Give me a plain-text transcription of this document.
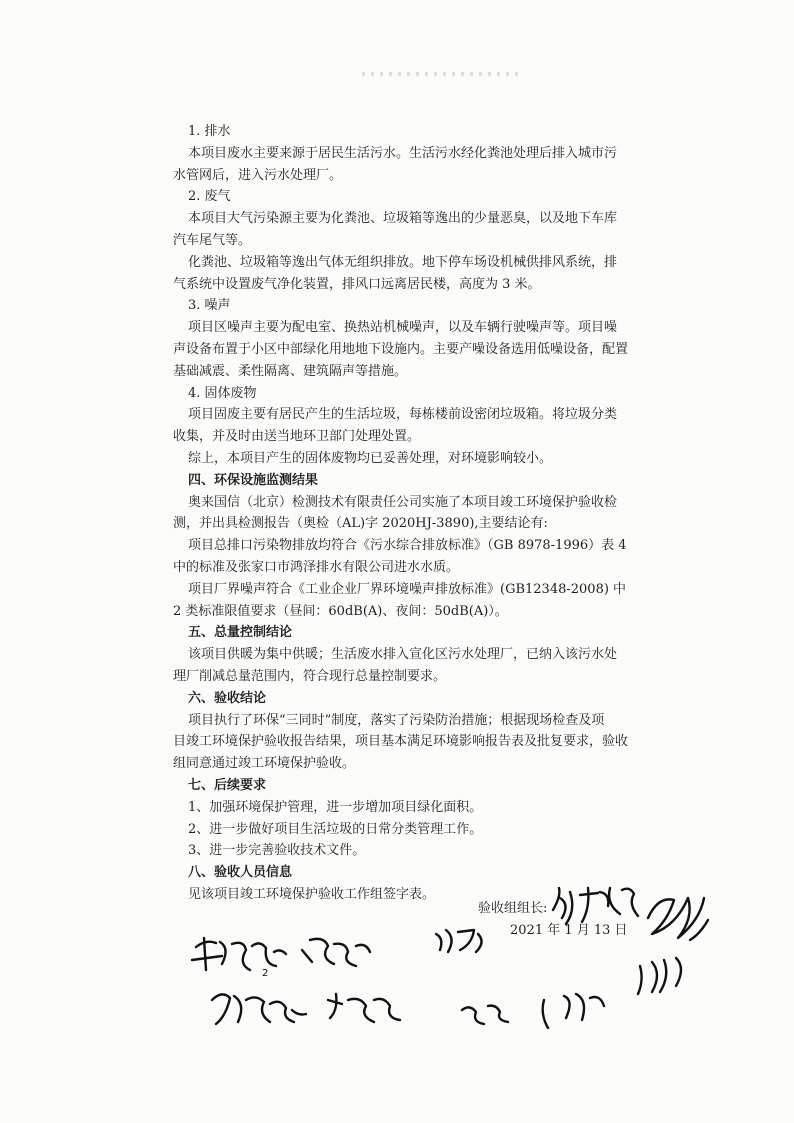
1. 排水
本项目废水主要来源于居民生活污水。生活污水经化粪池处理后排入城市污
水管网后，进入污水处理厂。
2. 废气
本项目大气污染源主要为化粪池、垃圾箱等逸出的少量恶臭，以及地下车库
汽车尾气等。
化粪池、垃圾箱等逸出气体无组织排放。地下停车场设机械供排风系统，排
气系统中设置废气净化装置，排风口远离居民楼，高度为 3 米。
3. 噪声
项目区噪声主要为配电室、换热站机械噪声，以及车辆行驶噪声等。项目噪
声设备布置于小区中部绿化用地地下设施内。主要产噪设备选用低噪设备，配置
基础减震、柔性隔离、建筑隔声等措施。
4. 固体废物
项目固废主要有居民产生的生活垃圾，每栋楼前设密闭垃圾箱。将垃圾分类
收集，并及时由送当地环卫部门处理处置。
综上，本项目产生的固体废物均已妥善处理，对环境影响较小。
四、环保设施监测结果
奥来国信（北京）检测技术有限责任公司实施了本项目竣工环境保护验收检
测，并出具检测报告（奥检（AL)字 2020HJ-3890),主要结论有:
项目总排口污染物排放均符合《污水综合排放标准》（GB 8978-1996）表 4
中的标准及张家口市鸿泽排水有限公司进水水质。
项目厂界噪声符合《工业企业厂界环境噪声排放标准》(GB12348-2008) 中
2 类标准限值要求（昼间：60dB(A)、夜间：50dB(A)）。
五、总量控制结论
该项目供暖为集中供暖；生活废水排入宣化区污水处理厂，已纳入该污水处
理厂削减总量范围内，符合现行总量控制要求。
六、验收结论
项目执行了环保“三同时”制度，落实了污染防治措施；根据现场检查及项
目竣工环境保护验收报告结果，项目基本满足环境影响报告表及批复要求，验收
组同意通过竣工环境保护验收。
七、后续要求
1、加强环境保护管理，进一步增加项目绿化面积。
2、进一步做好项目生活垃圾的日常分类管理工作。
3、进一步完善验收技术文件。
八、验收人员信息
见该项目竣工环境保护验收工作组签字表。
验收组组长:
2021 年 1 月 13 日
2
